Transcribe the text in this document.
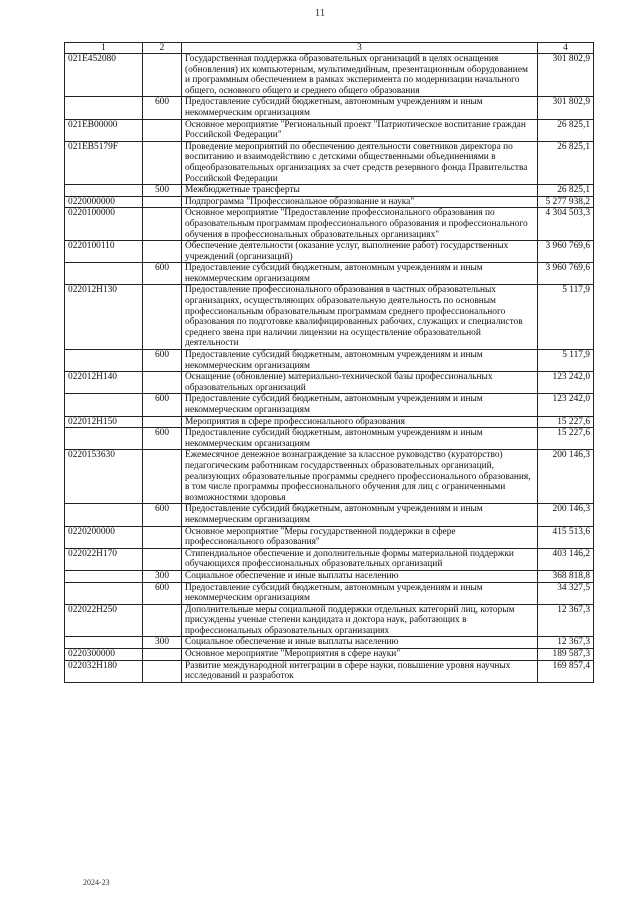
11
1	2	3	4
021E452080		Государственная поддержка образовательных организаций в целях оснащения (обновления) их компьютерным, мультимедийным, презентационным оборудованием и программным обеспечением в рамках эксперимента по модернизации начального общего, основного общего и среднего общего образования	301 802,9
	600	Предоставление субсидий бюджетным, автономным учреждениям и иным некоммерческим организациям	301 802,9
021EB00000		Основное мероприятие "Региональный проект "Патриотическое воспитание граждан Российской Федерации"	26 825,1
021EB5179F		Проведение мероприятий по обеспечению деятельности советников директора по воспитанию и взаимодействию с детскими общественными объединениями в общеобразовательных организациях за счет средств резервного фонда Правительства Российской Федерации	26 825,1
	500	Межбюджетные трансферты	26 825,1
0220000000		Подпрограмма "Профессиональное образование и наука"	5 277 938,2
0220100000		Основное мероприятие "Предоставление профессионального образования по образовательным программам профессионального образования и профессионального обучения в профессиональных образовательных организациях"	4 304 503,3
0220100110		Обеспечение деятельности (оказание услуг, выполнение работ) государственных учреждений (организаций)	3 960 769,6
	600	Предоставление субсидий бюджетным, автономным учреждениям и иным некоммерческим организациям	3 960 769,6
022012Н130		Предоставление профессионального образования в частных образовательных организациях, осуществляющих образовательную деятельность по основным профессиональным образовательным программам среднего профессионального образования по подготовке квалифицированных рабочих, служащих и специалистов среднего звена при наличии лицензии на осуществление образовательной деятельности	5 117,9
	600	Предоставление субсидий бюджетным, автономным учреждениям и иным некоммерческим организациям	5 117,9
022012Н140		Оснащение (обновление) материально-технической базы профессиональных образовательных организаций	123 242,0
	600	Предоставление субсидий бюджетным, автономным учреждениям и иным некоммерческим организациям	123 242,0
022012Н150		Мероприятия в сфере профессионального образования	15 227,6
	600	Предоставление субсидий бюджетным, автономным учреждениям и иным некоммерческим организациям	15 227,6
0220153630		Ежемесячное денежное вознаграждение за классное руководство (кураторство) педагогическим работникам государственных образовательных организаций, реализующих образовательные программы среднего профессионального образования, в том числе программы профессионального обучения для лиц с ограниченными возможностями здоровья	200 146,3
	600	Предоставление субсидий бюджетным, автономным учреждениям и иным некоммерческим организациям	200 146,3
0220200000		Основное мероприятие "Меры государственной поддержки в сфере профессионального образования"	415 513,6
022022Н170		Стипендиальное обеспечение и дополнительные формы материальной поддержки обучающихся профессиональных образовательных организаций	403 146,2
	300	Социальное обеспечение и иные выплаты населению	368 818,8
	600	Предоставление субсидий бюджетным, автономным учреждениям и иным некоммерческим организациям	34 327,5
022022Н250		Дополнительные меры социальной поддержки отдельных категорий лиц, которым присуждены ученые степени кандидата и доктора наук, работающих в профессиональных образовательных организациях	12 367,3
	300	Социальное обеспечение и иные выплаты населению	12 367,3
0220300000		Основное мероприятие "Мероприятия в сфере науки"	189 587,3
022032Н180		Развитие международной интеграции в сфере науки, повышение уровня научных исследований и разработок	169 857,4
2024-23
